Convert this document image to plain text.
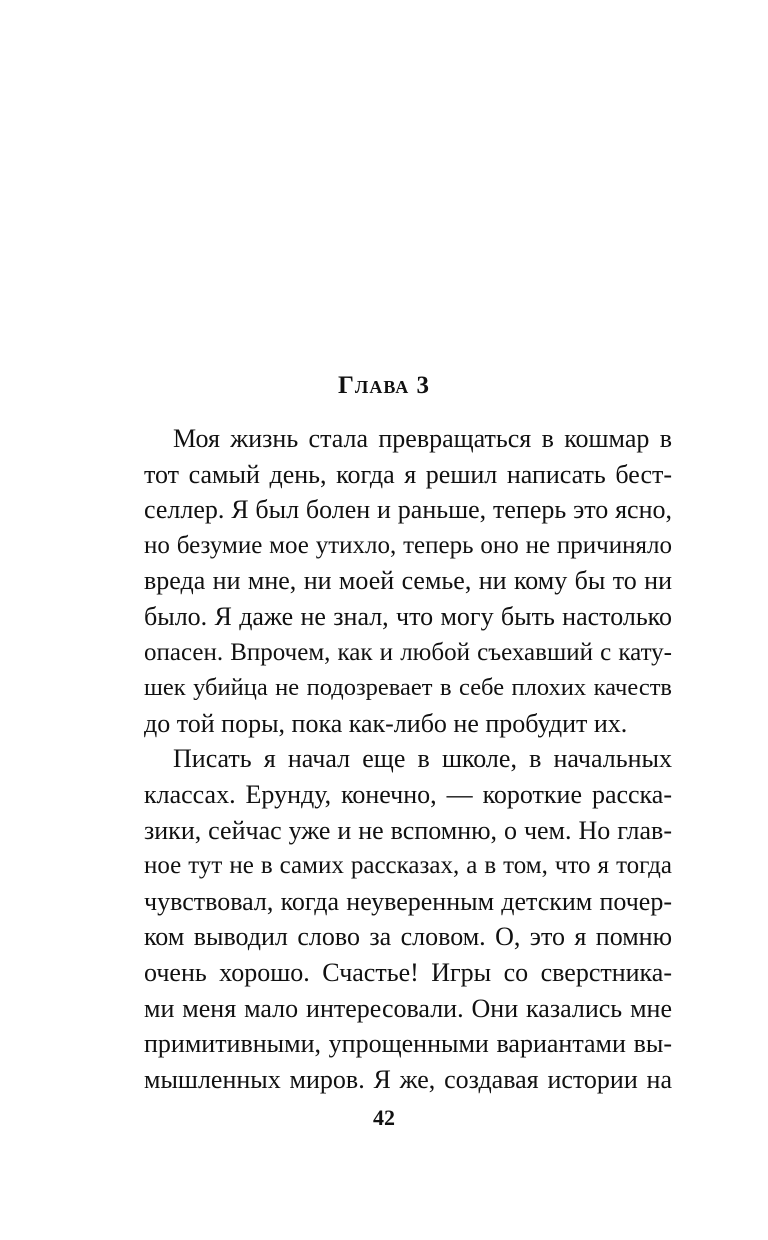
Глава 3
Моя жизнь стала превращаться в кошмар в
тот самый день, когда я решил написать бест-
селлер. Я был болен и раньше, теперь это ясно,
но безумие мое утихло, теперь оно не причиняло
вреда ни мне, ни моей семье, ни кому бы то ни
было. Я даже не знал, что могу быть настолько
опасен. Впрочем, как и любой съехавший с кату-
шек убийца не подозревает в себе плохих качеств
до той поры, пока как-либо не пробудит их.
Писать я начал еще в школе, в начальных
классах. Ерунду, конечно, — короткие расска-
зики, сейчас уже и не вспомню, о чем. Но глав-
ное тут не в самих рассказах, а в том, что я тогда
чувствовал, когда неуверенным детским почер-
ком выводил слово за словом. О, это я помню
очень хорошо. Счастье! Игры со сверстника-
ми меня мало интересовали. Они казались мне
примитивными, упрощенными вариантами вы-
мышленных миров. Я же, создавая истории на
42
